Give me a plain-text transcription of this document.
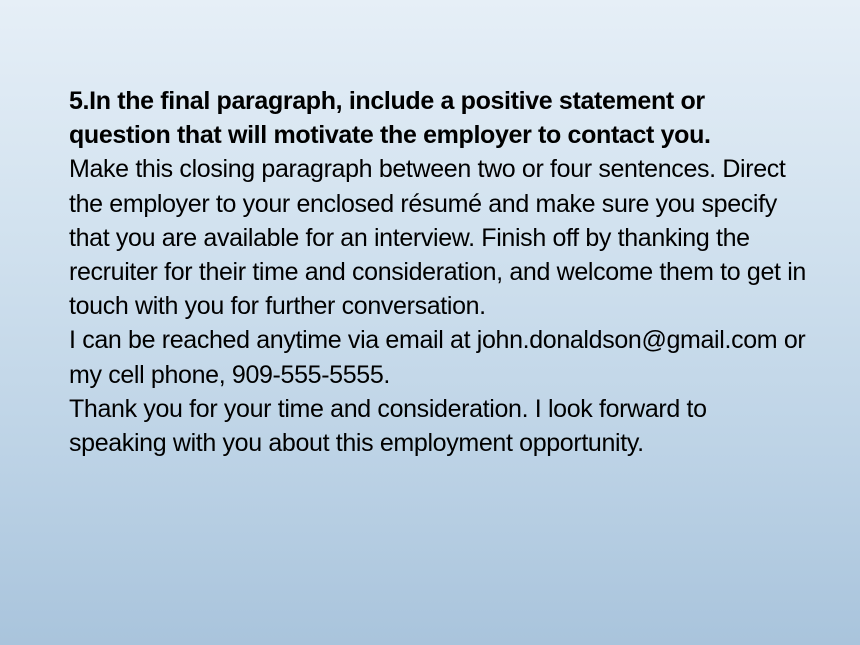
5.In the final paragraph, include a positive statement or question that will motivate the employer to contact you.

Make this closing paragraph between two or four sentences. Direct the employer to your enclosed résumé and make sure you specify that you are available for an interview. Finish off by thanking the recruiter for their time and consideration, and welcome them to get in touch with you for further conversation.

I can be reached anytime via email at john.donaldson@gmail.com or my cell phone, 909-555-5555.

Thank you for your time and consideration. I look forward to speaking with you about this employment opportunity.
